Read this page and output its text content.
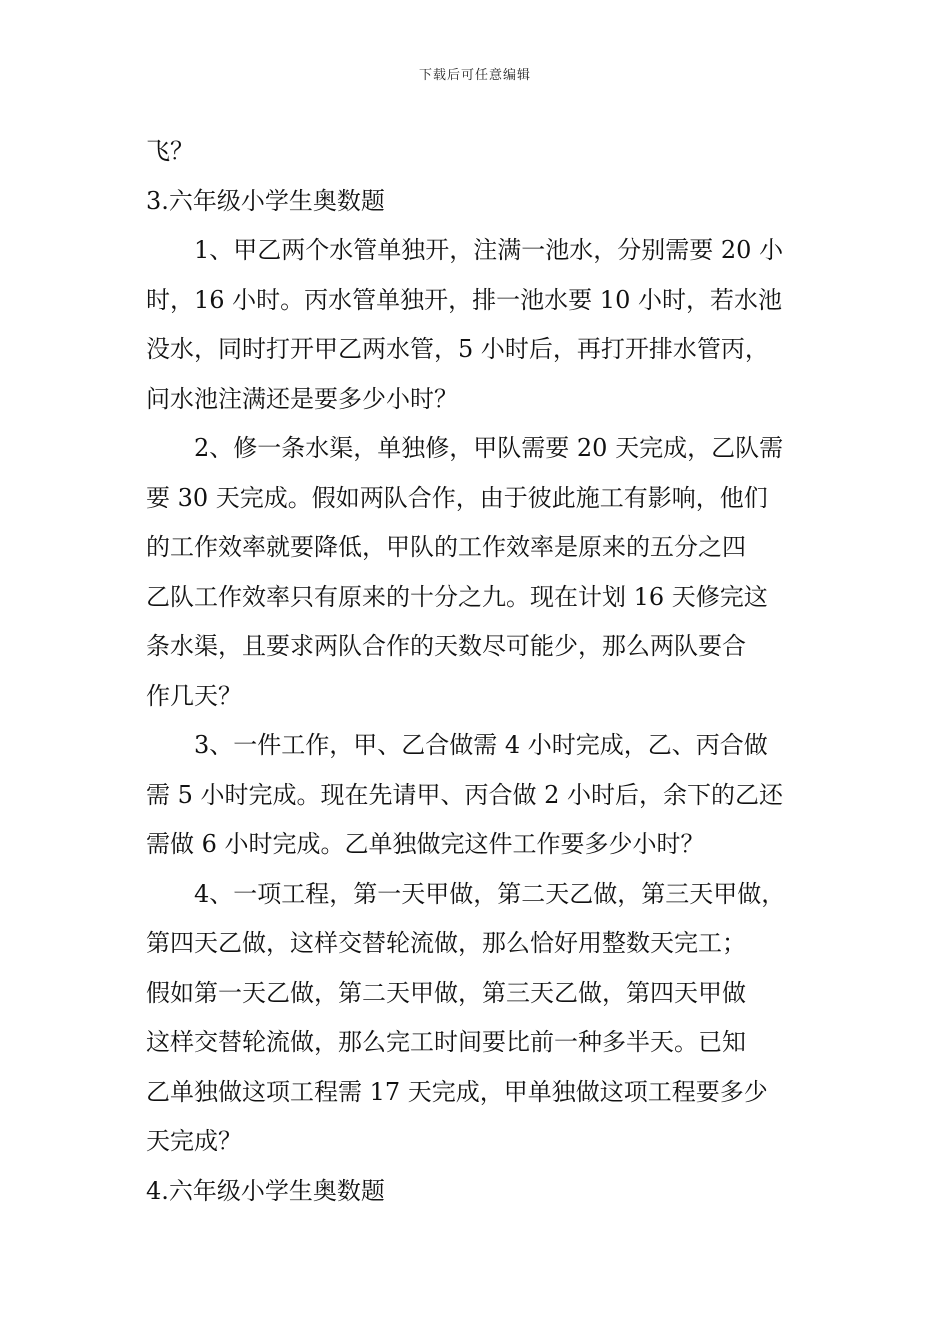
下载后可任意编辑
飞？
3.六年级小学生奥数题
1、甲乙两个水管单独开，注满一池水，分别需要 20 小
时，16 小时。丙水管单独开，排一池水要 10 小时，若水池
没水，同时打开甲乙两水管，5 小时后，再打开排水管丙，
问水池注满还是要多少小时？
2、修一条水渠，单独修，甲队需要 20 天完成，乙队需
要 30 天完成。假如两队合作，由于彼此施工有影响，他们
的工作效率就要降低，甲队的工作效率是原来的五分之四
乙队工作效率只有原来的十分之九。现在计划 16 天修完这
条水渠，且要求两队合作的天数尽可能少，那么两队要合
作几天？
3、一件工作，甲、乙合做需 4 小时完成，乙、丙合做
需 5 小时完成。现在先请甲、丙合做 2 小时后，余下的乙还
需做 6 小时完成。乙单独做完这件工作要多少小时？
4、一项工程，第一天甲做，第二天乙做，第三天甲做，
第四天乙做，这样交替轮流做，那么恰好用整数天完工；
假如第一天乙做，第二天甲做，第三天乙做，第四天甲做
这样交替轮流做，那么完工时间要比前一种多半天。已知
乙单独做这项工程需 17 天完成，甲单独做这项工程要多少
天完成？
4.六年级小学生奥数题
